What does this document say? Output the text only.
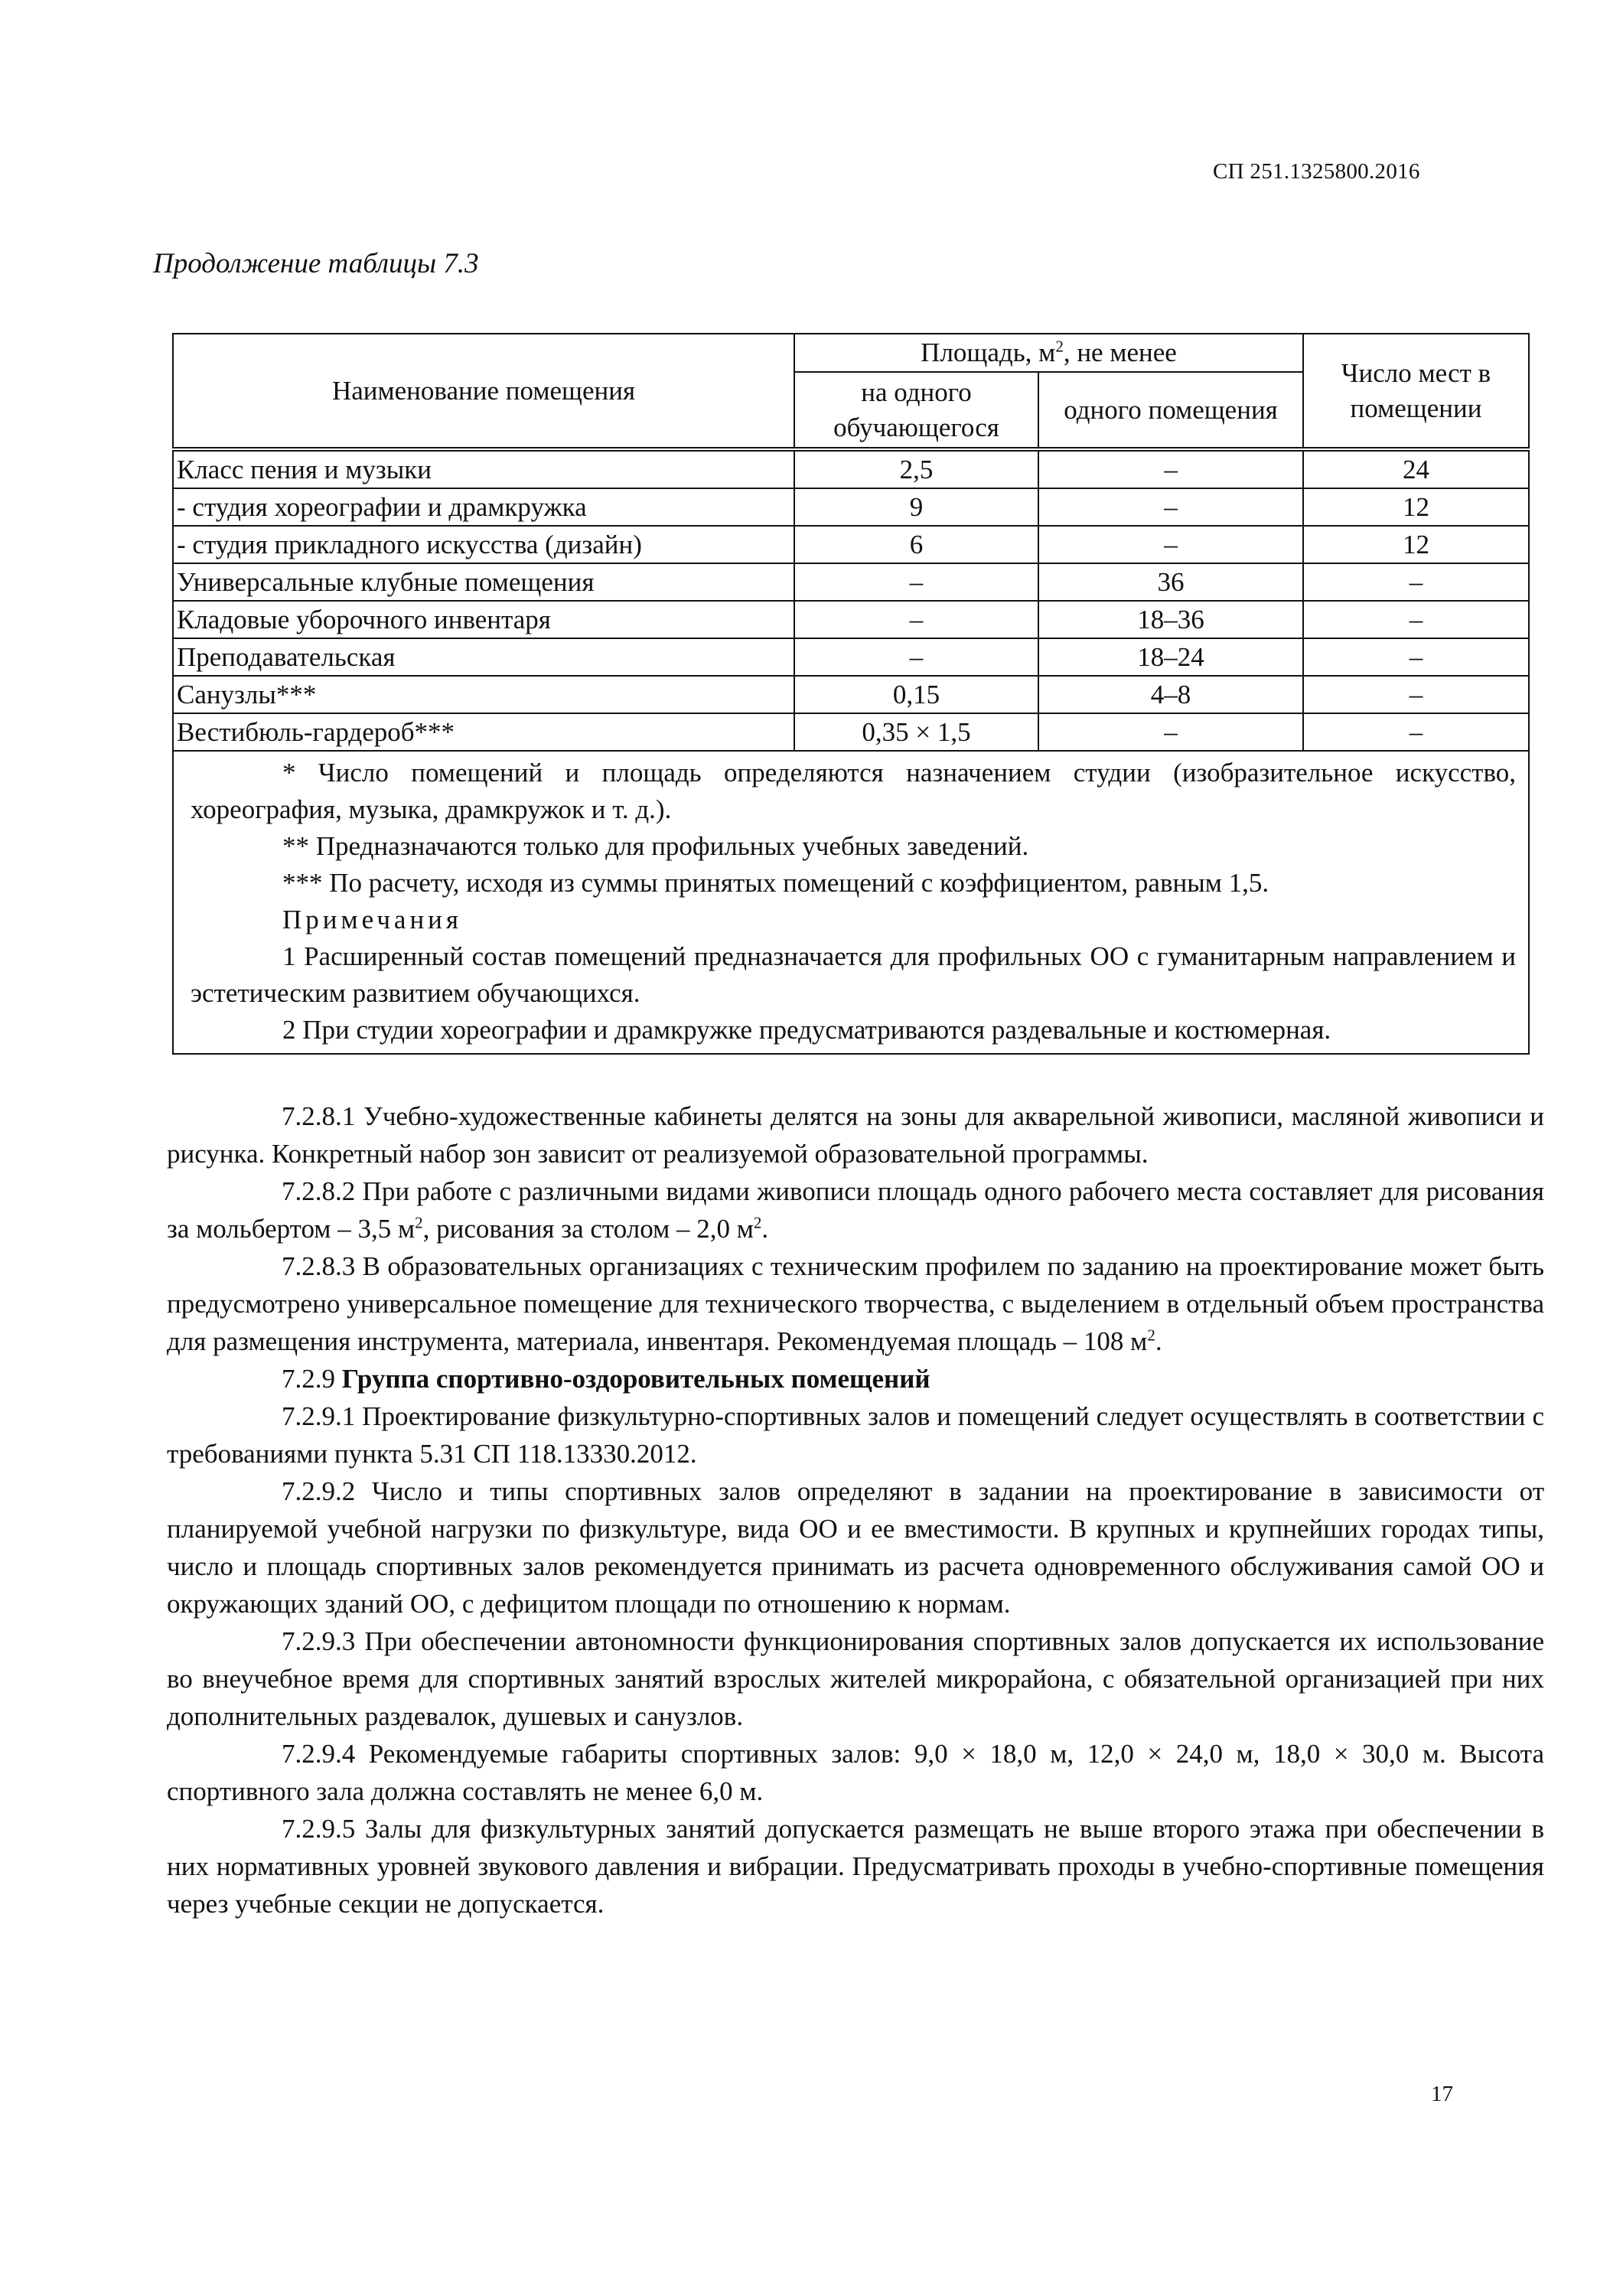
СП 251.1325800.2016
Продолжение таблицы 7.3
Наименование помещения	Площадь, $м^2$, не менее		Число мест в помещении
	на одного обучающегося	одного помещения	
Класс пения и музыки	2,5	–	24
- студия хореографии и драмкружка	9	–	12
- студия прикладного искусства (дизайн)	6	–	12
Универсальные клубные помещения	–	36	–
Кладовые уборочного инвентаря	–	18–36	–
Преподавательская	–	18–24	–
Санузлы***	0,15	4–8	–
Вестибюль-гардероб***	0,35 × 1,5	–	–

* Число помещений и площадь определяются назначением студии (изобразительное искусство, хореография, музыка, драмкружок и т. д.).

** Предназначаются только для профильных учебных заведений.

*** По расчету, исходя из суммы принятых помещений с коэффициентом, равным 1,5.

Примечания

1 Расширенный состав помещений предназначается для профильных ОО с гуманитарным направлением и эстетическим развитием обучающихся.

2 При студии хореографии и драмкружке предусматриваются раздевальные и костюмерная.

7.2.8.1 Учебно-художественные кабинеты делятся на зоны для акварельной живописи, масляной живописи и рисунка. Конкретный набор зон зависит от реализуемой образовательной программы.

7.2.8.2 При работе с различными видами живописи площадь одного рабочего места составляет для рисования за мольбертом – 3,5 $м^2$, рисования за столом – 2,0 $м^2$.

7.2.8.3 В образовательных организациях с техническим профилем по заданию на проектирование может быть предусмотрено универсальное помещение для технического творчества, с выделением в отдельный объем пространства для размещения инструмента, материала, инвентаря. Рекомендуемая площадь – 108 $м^2$.

7.2.9 Группа спортивно-оздоровительных помещений

7.2.9.1 Проектирование физкультурно-спортивных залов и помещений следует осуществлять в соответствии с требованиями пункта 5.31 СП 118.13330.2012.

7.2.9.2 Число и типы спортивных залов определяют в задании на проектирование в зависимости от планируемой учебной нагрузки по физкультуре, вида ОО и ее вместимости. В крупных и крупнейших городах типы, число и площадь спортивных залов рекомендуется принимать из расчета одновременного обслуживания самой ОО и окружающих зданий ОО, с дефицитом площади по отношению к нормам.

7.2.9.3 При обеспечении автономности функционирования спортивных залов допускается их использование во внеучебное время для спортивных занятий взрослых жителей микрорайона, с обязательной организацией при них дополнительных раздевалок, душевых и санузлов.

7.2.9.4 Рекомендуемые габариты спортивных залов: 9,0 × 18,0 м, 12,0 × 24,0 м, 18,0 × 30,0 м. Высота спортивного зала должна составлять не менее 6,0 м.

7.2.9.5 Залы для физкультурных занятий допускается размещать не выше второго этажа при обеспечении в них нормативных уровней звукового давления и вибрации. Предусматривать проходы в учебно-спортивные помещения через учебные секции не допускается.

17
